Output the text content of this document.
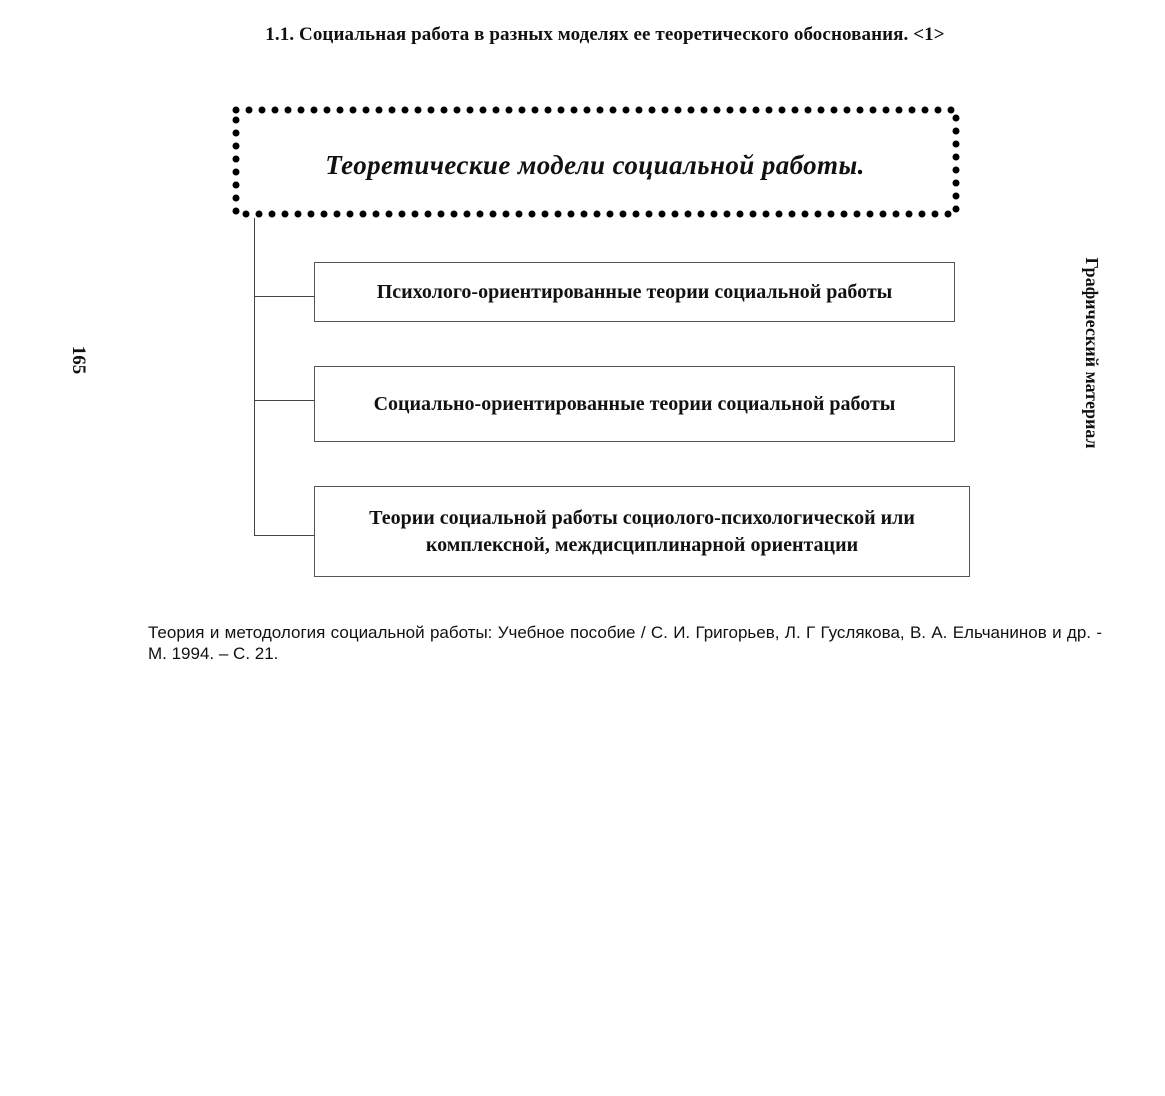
1.1. Социальная работа в разных моделях ее теоретического обоснования. <1>
165	Графический материал
Теоретические модели социальной работы.
Психолого-ориентированные теории социальной работы
Социально-ориентированные теории социальной работы
Теории социальной работы социолого-психологической или комплексной, междисциплинарной ориентации
Теория и методология социальной работы: Учебное пособие / С. И. Григорьев, Л. Г Гуслякова, В. А. Ельчанинов и др. - М. 1994. – С. 21.
